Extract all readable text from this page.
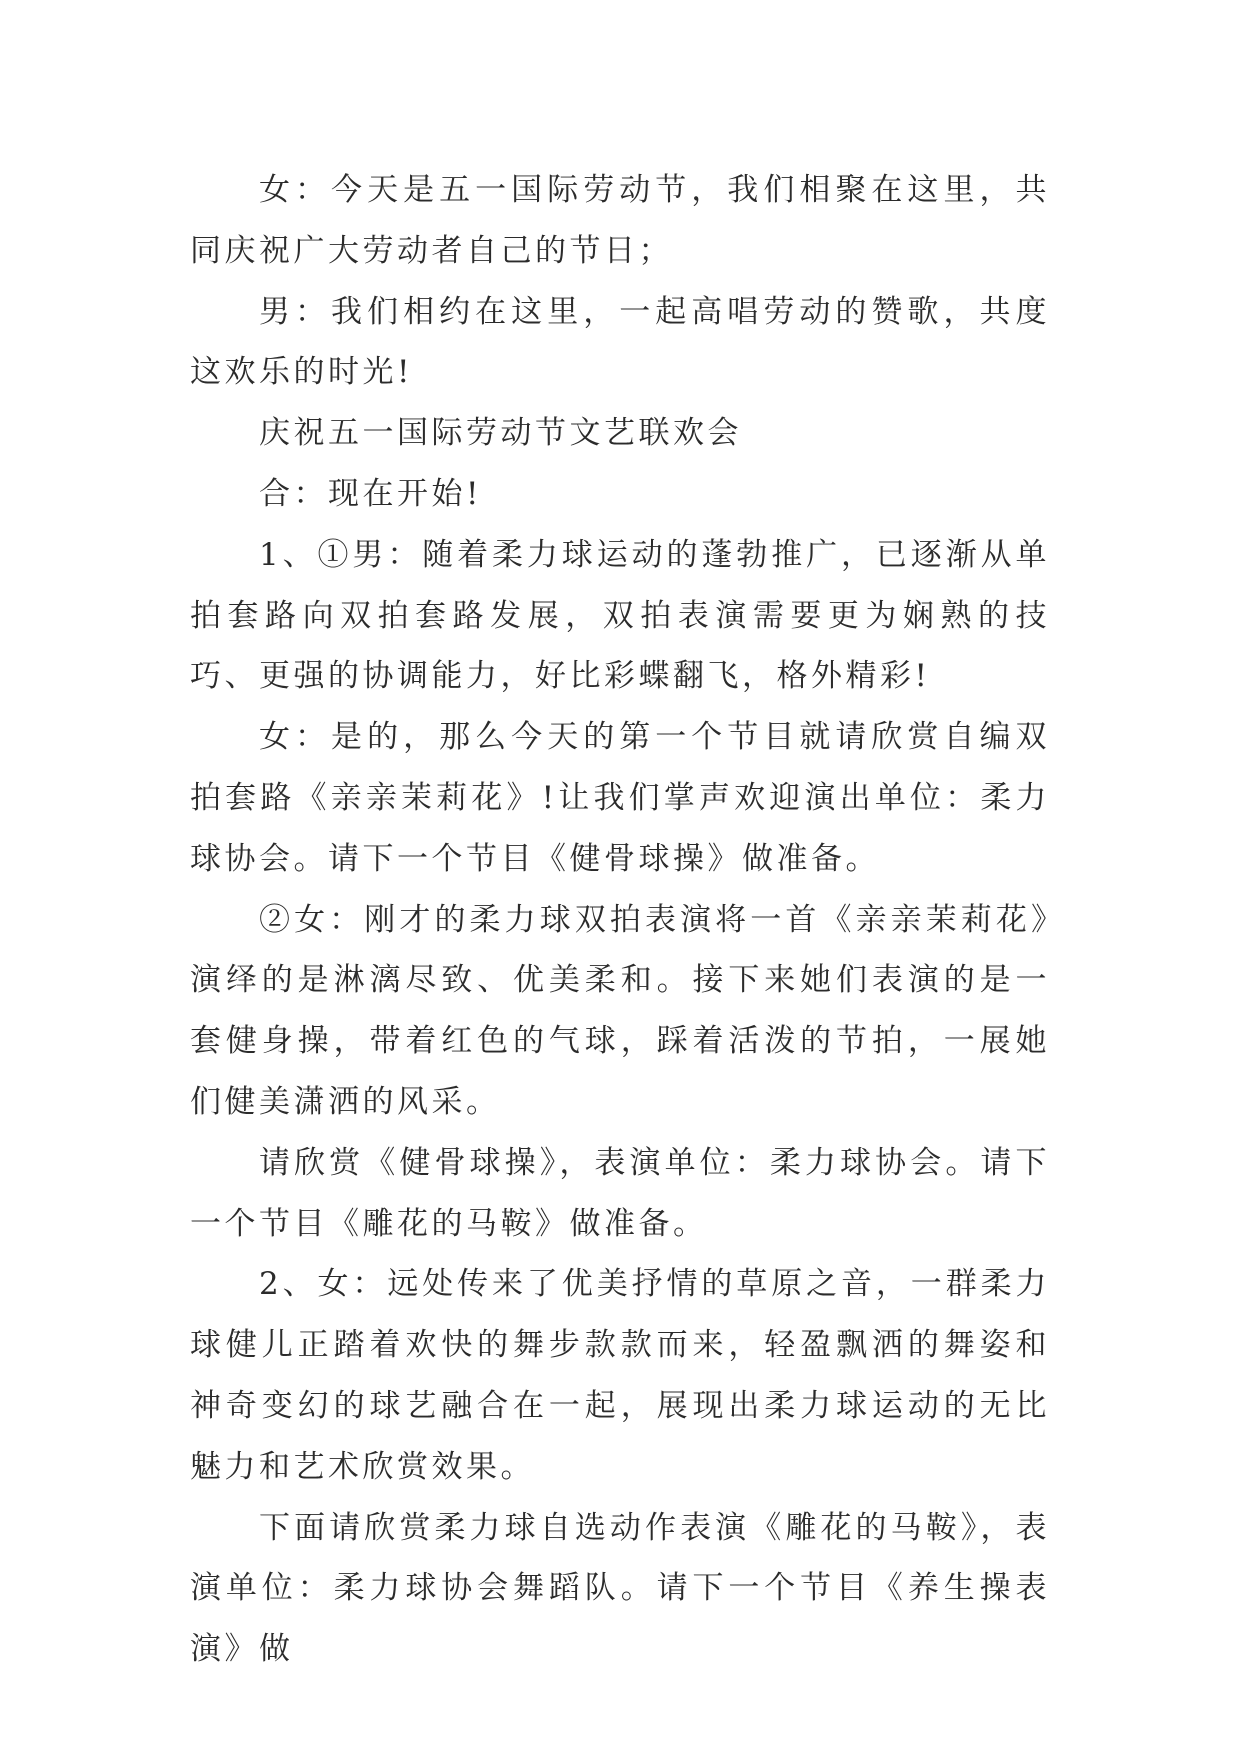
女：今天是五一国际劳动节，我们相聚在这里，共同庆祝广大劳动者自己的节日；

男：我们相约在这里，一起高唱劳动的赞歌，共度这欢乐的时光!

庆祝五一国际劳动节文艺联欢会

合：现在开始!

1、①男：随着柔力球运动的蓬勃推广，已逐渐从单拍套路向双拍套路发展，双拍表演需要更为娴熟的技巧、更强的协调能力，好比彩蝶翻飞，格外精彩!

女：是的，那么今天的第一个节目就请欣赏自编双拍套路《亲亲茉莉花》!让我们掌声欢迎演出单位：柔力球协会。请下一个节目《健骨球操》做准备。

②女：刚才的柔力球双拍表演将一首《亲亲茉莉花》演绎的是淋漓尽致、优美柔和。接下来她们表演的是一套健身操，带着红色的气球，踩着活泼的节拍，一展她们健美潇洒的风采。

请欣赏《健骨球操》，表演单位：柔力球协会。请下一个节目《雕花的马鞍》做准备。

2、女：远处传来了优美抒情的草原之音，一群柔力球健儿正踏着欢快的舞步款款而来，轻盈飘洒的舞姿和神奇变幻的球艺融合在一起，展现出柔力球运动的无比魅力和艺术欣赏效果。

下面请欣赏柔力球自选动作表演《雕花的马鞍》，表演单位：柔力球协会舞蹈队。请下一个节目《养生操表演》做
